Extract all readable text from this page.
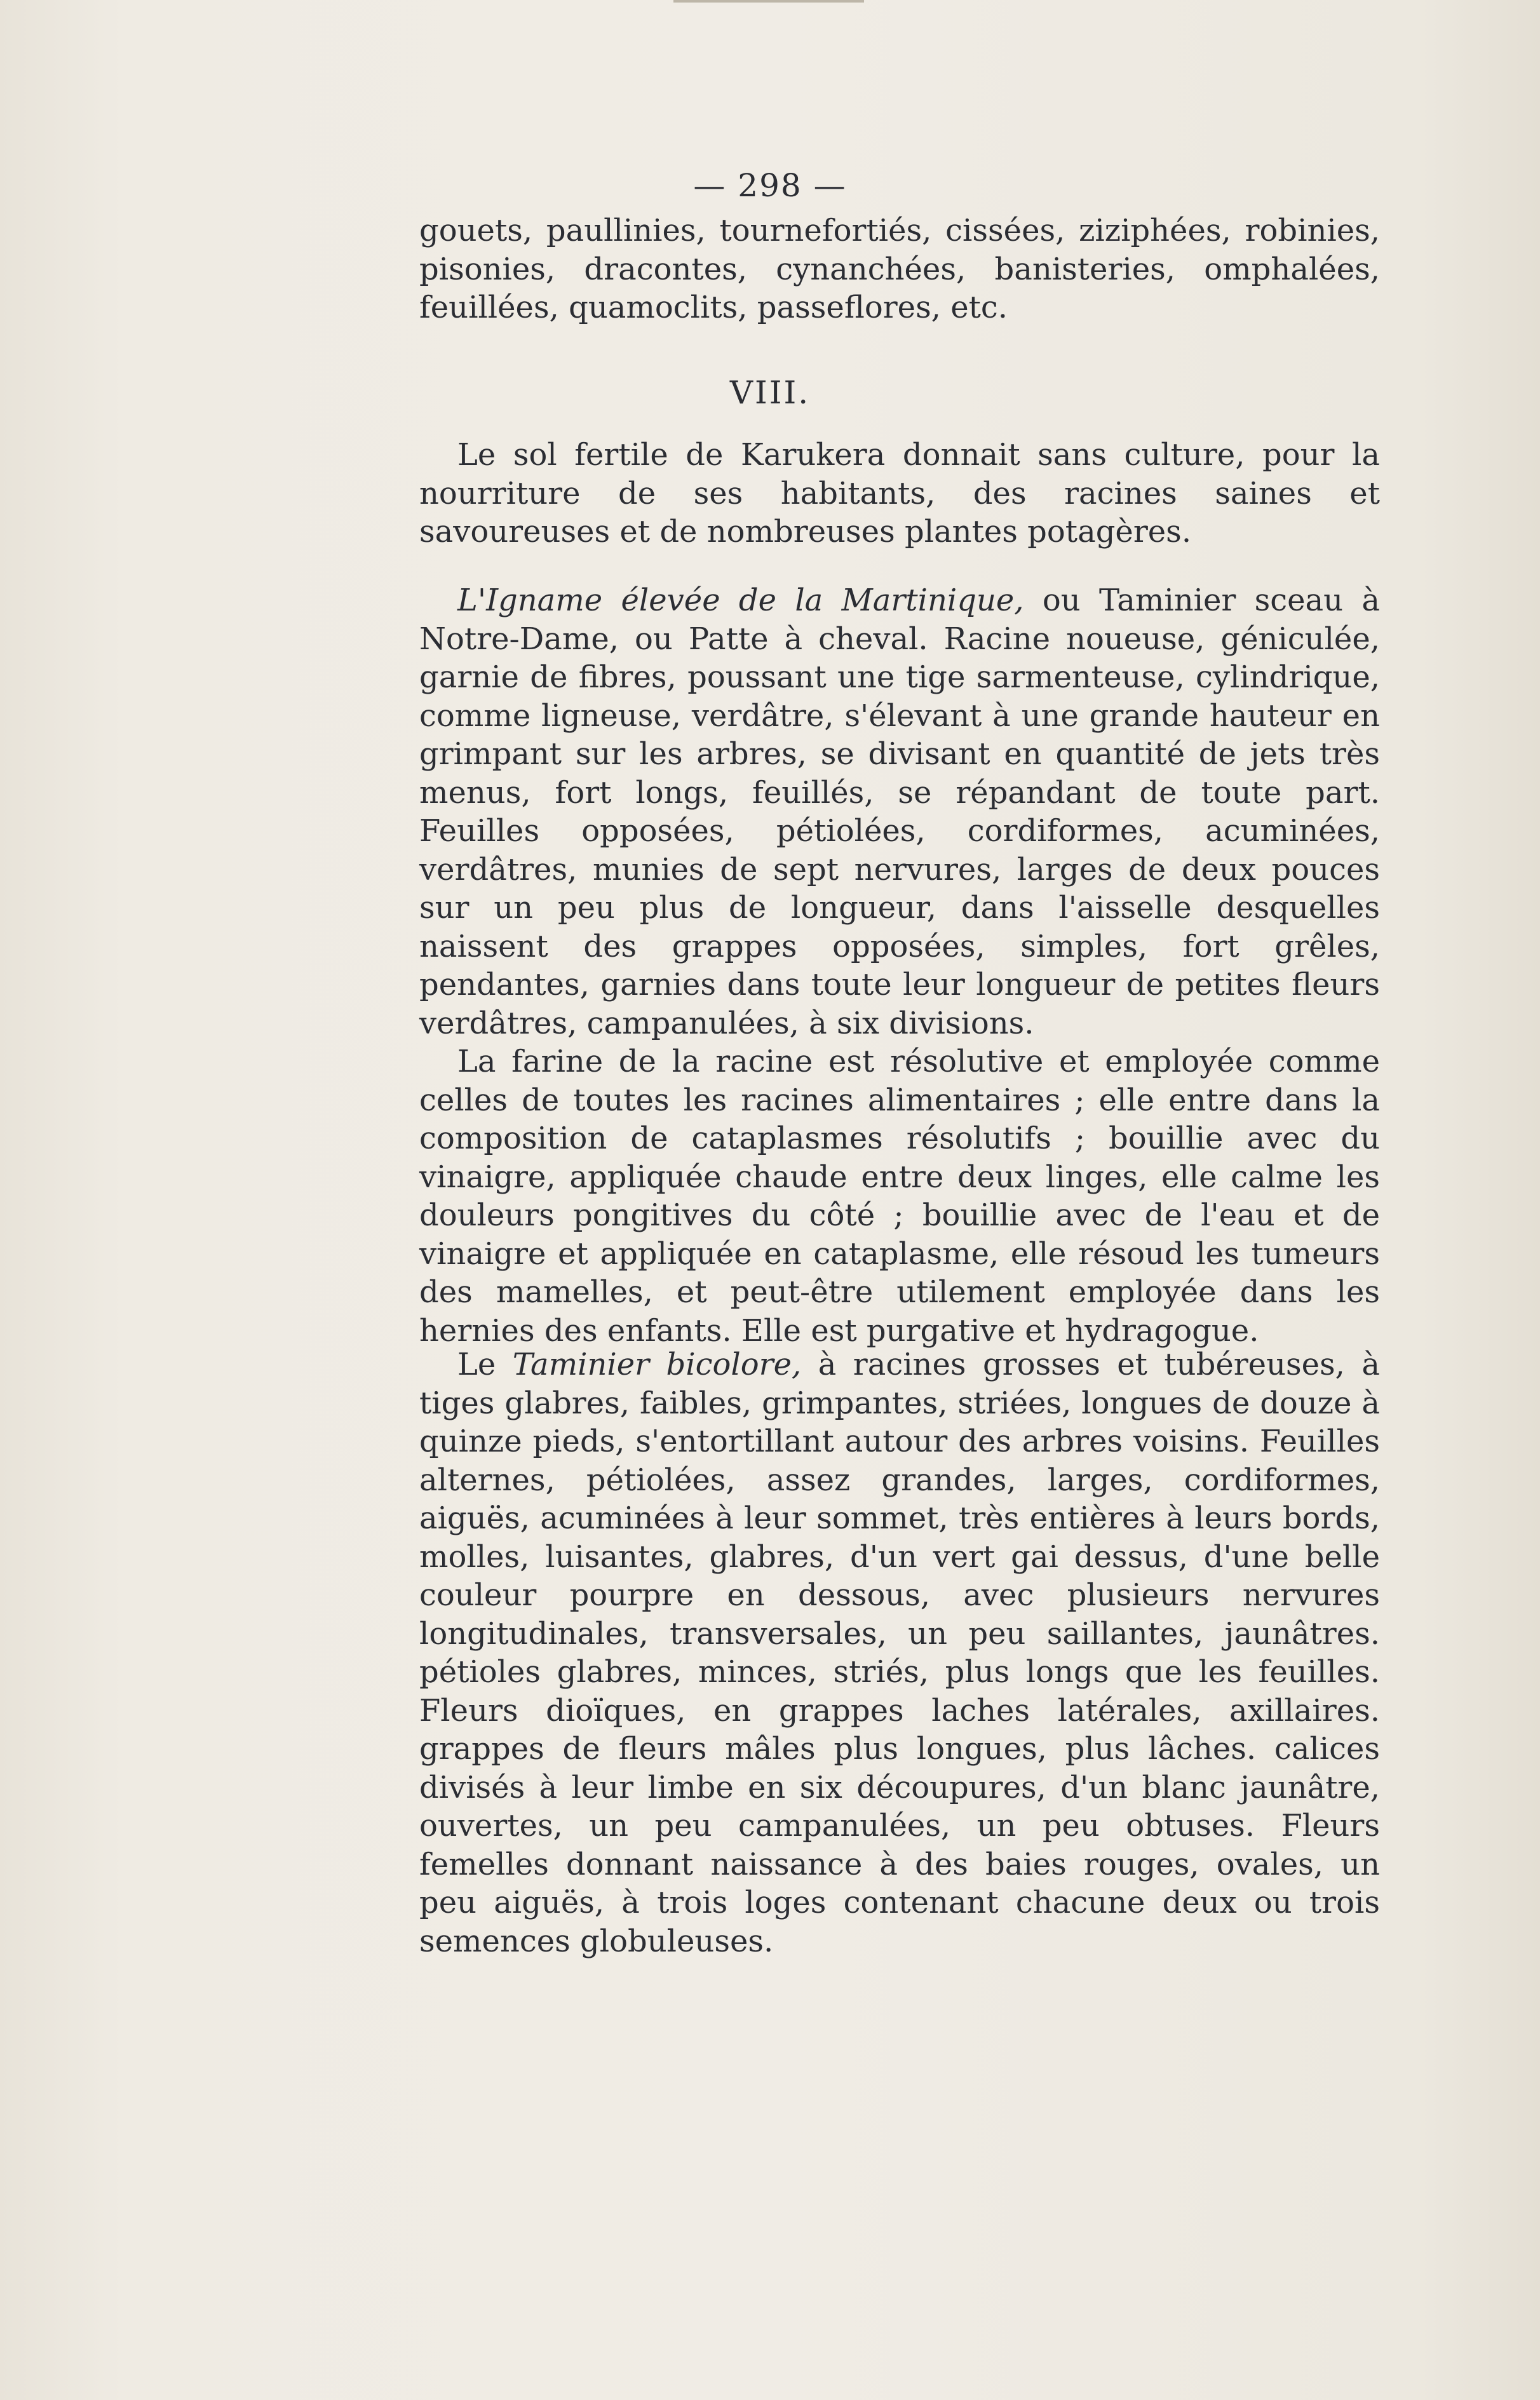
— 298 —

gouets, paullinies, tournefortiés, cissées, ziziphées, robinies, pisonies, dracontes, cynanchées, banisteries, omphalées, feuillées, quamoclits, passeflores, etc.

VIII.

Le sol fertile de Karukera donnait sans culture, pour la nourriture de ses habitants, des racines saines et savoureuses et de nombreuses plantes potagères.

L'Igname élevée de la Martinique, ou Taminier sceau à Notre-Dame, ou Patte à cheval. Racine noueuse, géniculée, garnie de fibres, poussant une tige sarmenteuse, cylindrique, comme ligneuse, verdâtre, s'élevant à une grande hauteur en grimpant sur les arbres, se divisant en quantité de jets très menus, fort longs, feuillés, se répandant de toute part. Feuilles opposées, pétiolées, cordiformes, acuminées, verdâtres, munies de sept nervures, larges de deux pouces sur un peu plus de longueur, dans l'aisselle desquelles naissent des grappes opposées, simples, fort grêles, pendantes, garnies dans toute leur longueur de petites fleurs verdâtres, campanulées, à six divisions.

La farine de la racine est résolutive et employée comme celles de toutes les racines alimentaires ; elle entre dans la composition de cataplasmes résolutifs ; bouillie avec du vinaigre, appliquée chaude entre deux linges, elle calme les douleurs pongitives du côté ; bouillie avec de l'eau et de vinaigre et appliquée en cataplasme, elle résoud les tumeurs des mamelles, et peut-être utilement employée dans les hernies des enfants. Elle est purgative et hydragogue.

Le Taminier bicolore, à racines grosses et tubéreuses, à tiges glabres, faibles, grimpantes, striées, longues de douze à quinze pieds, s'entortillant autour des arbres voisins. Feuilles alternes, pétiolées, assez grandes, larges, cordiformes, aiguës, acuminées à leur sommet, très entières à leurs bords, molles, luisantes, glabres, d'un vert gai dessus, d'une belle couleur pourpre en dessous, avec plusieurs nervures longitudinales, transversales, un peu saillantes, jaunâtres. pétioles glabres, minces, striés, plus longs que les feuilles. Fleurs dioïques, en grappes laches latérales, axillaires. grappes de fleurs mâles plus longues, plus lâches. calices divisés à leur limbe en six découpures, d'un blanc jaunâtre, ouvertes, un peu campanulées, un peu obtuses. Fleurs femelles donnant naissance à des baies rouges, ovales, un peu aiguës, à trois loges contenant chacune deux ou trois semences globuleuses.
